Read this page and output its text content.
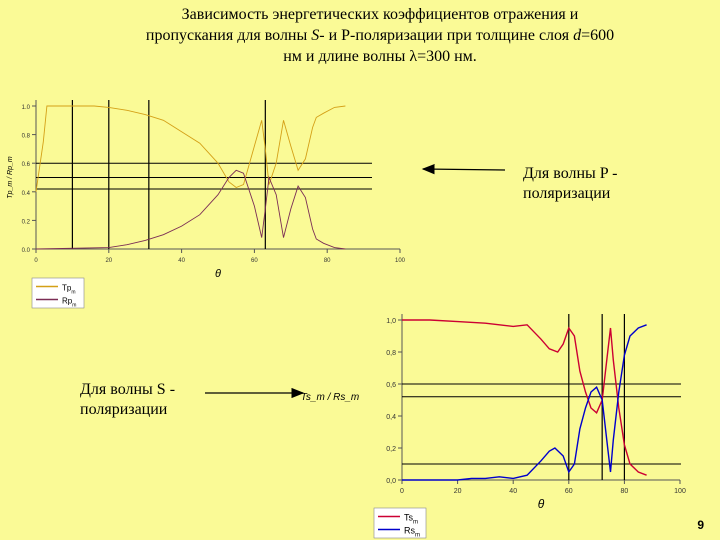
Зависимость энергетических коэффициентов отражения и
пропускания для волны S- и Р-поляризации при толщине слоя d=600
нм и длине волны λ=300 нм.
0	20	40	60	80	100
0.0
0.2
0.4
0.6
0.8
1.0
θ
Tp_m / Rp_m
$Tp_m$
$Rp_m$
0	20	40	60	80	100
0,0
0,2
0,4
0,6
0,8
1,0
θ
Ts_m / Rs_m
$Ts_m$
$Rs_m$
Для волны P -
поляризации
Для волны S -
поляризации
9
